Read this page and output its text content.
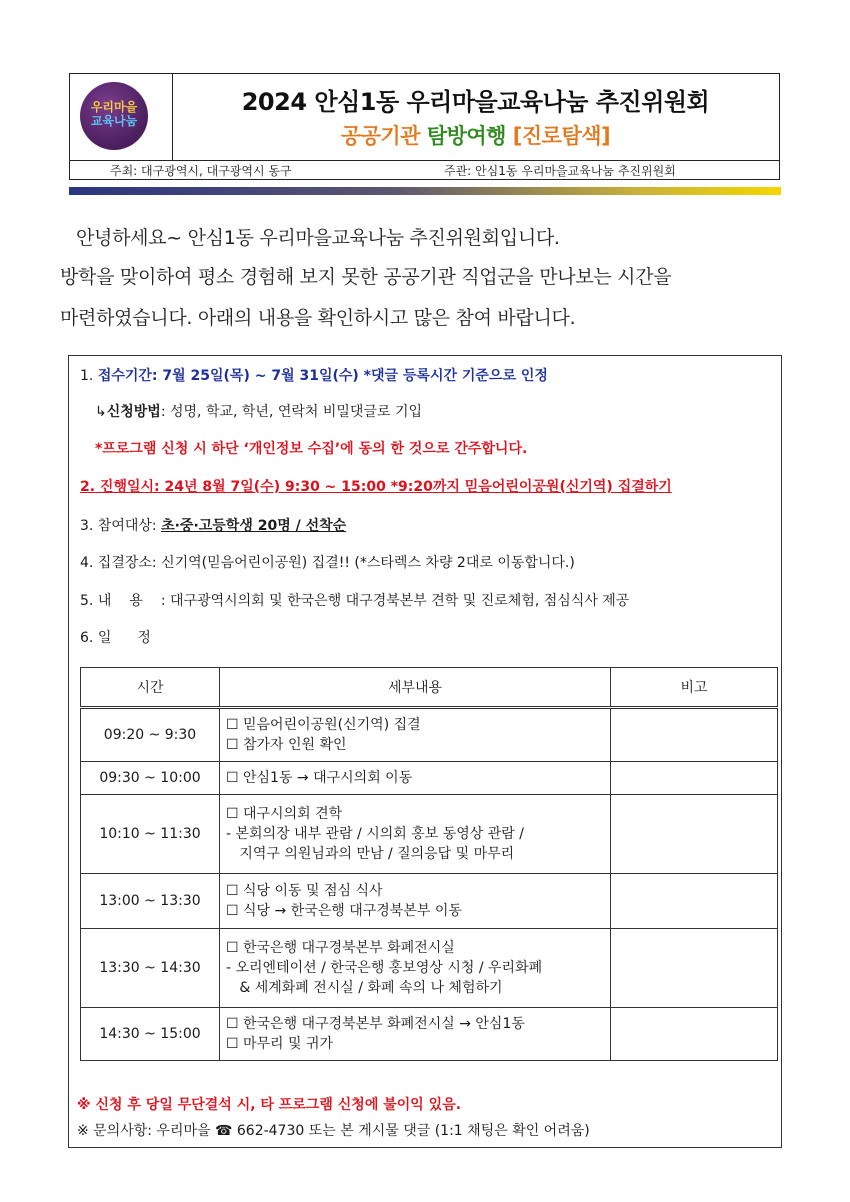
우리마을
교육나눔
2024 안심1동 우리마을교육나눔 추진위원회
공공기관 탐방여행 [진로탐색]
주최: 대구광역시, 대구광역시 동구	주관: 안심1동 우리마을교육나눔 추진위원회
안녕하세요~ 안심1동 우리마을교육나눔 추진위원회입니다.
방학을 맞이하여 평소 경험해 보지 못한 공공기관 직업군을 만나보는 시간을
마련하였습니다. 아래의 내용을 확인하시고 많은 참여 바랍니다.
1. 접수기간: 7월 25일(목) ~ 7월 31일(수) *댓글 등록시간 기준으로 인정
↳신청방법: 성명, 학교, 학년, 연락처 비밀댓글로 기입
*프로그램 신청 시 하단 ‘개인정보 수집’에 동의 한 것으로 간주합니다.
2. 진행일시: 24년 8월 7일(수) 9:30 ~ 15:00 *9:20까지 믿음어린이공원(신기역) 집결하기
3. 참여대상: 초·중·고등학생 20명 / 선착순
4. 집결장소: 신기역(믿음어린이공원) 집결!! (*스타렉스 차량 2대로 이동합니다.)
5. 내용: 대구광역시의회 및 한국은행 대구경북본부 견학 및 진로체험, 점심식사 제공
6. 일정
시간	세부내용	비고
09:20 ~ 9:30	☐ 믿음어린이공원(신기역) 집결
☐ 참가자 인원 확인	

09:30 ~ 10:00	☐ 안심1동 → 대구시의회 이동	

10:10 ~ 11:30	☐ 대구시의회 견학
- 본회의장 내부 관람 / 시의회 홍보 동영상 관람 /
지역구 의원님과의 만남 / 질의응답 및 마무리	

13:00 ~ 13:30	☐ 식당 이동 및 점심 식사
☐ 식당 → 한국은행 대구경북본부 이동	

13:30 ~ 14:30	☐ 한국은행 대구경북본부 화폐전시실
- 오리엔테이션 / 한국은행 홍보영상 시청 / 우리화폐
& 세계화폐 전시실 / 화폐 속의 나 체험하기	

14:30 ~ 15:00	☐ 한국은행 대구경북본부 화폐전시실 → 안심1동
☐ 마무리 및 귀가	

※ 신청 후 당일 무단결석 시, 타 프로그램 신청에 불이익 있음.
※ 문의사항: 우리마을 ☎ 662-4730 또는 본 게시물 댓글 (1:1 채팅은 확인 어려움)
